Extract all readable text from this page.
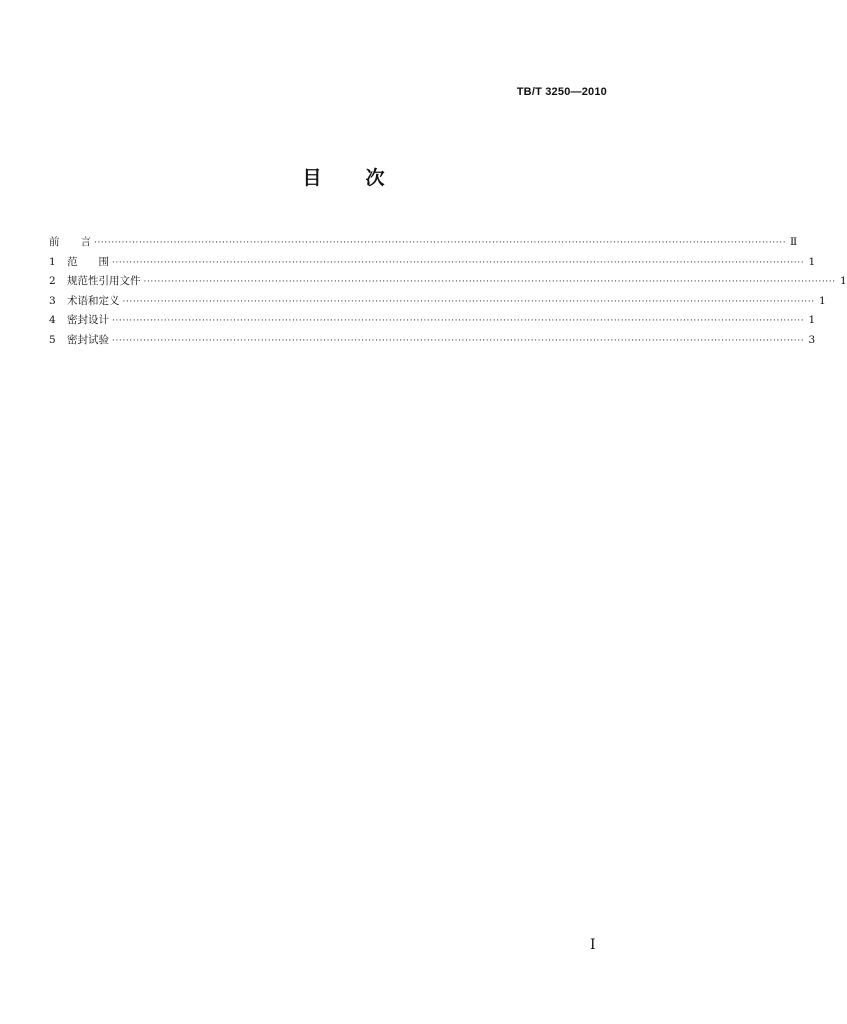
TB/T 3250—2010
目 次
前　　言 ········································································································································································································ Ⅱ
1	范　　围 ········································································································································································································ 1
2	规范性引用文件 ········································································································································································································ 1
3	术语和定义 ········································································································································································································ 1
4	密封设计 ········································································································································································································ 1
5	密封试验 ········································································································································································································ 3
I
